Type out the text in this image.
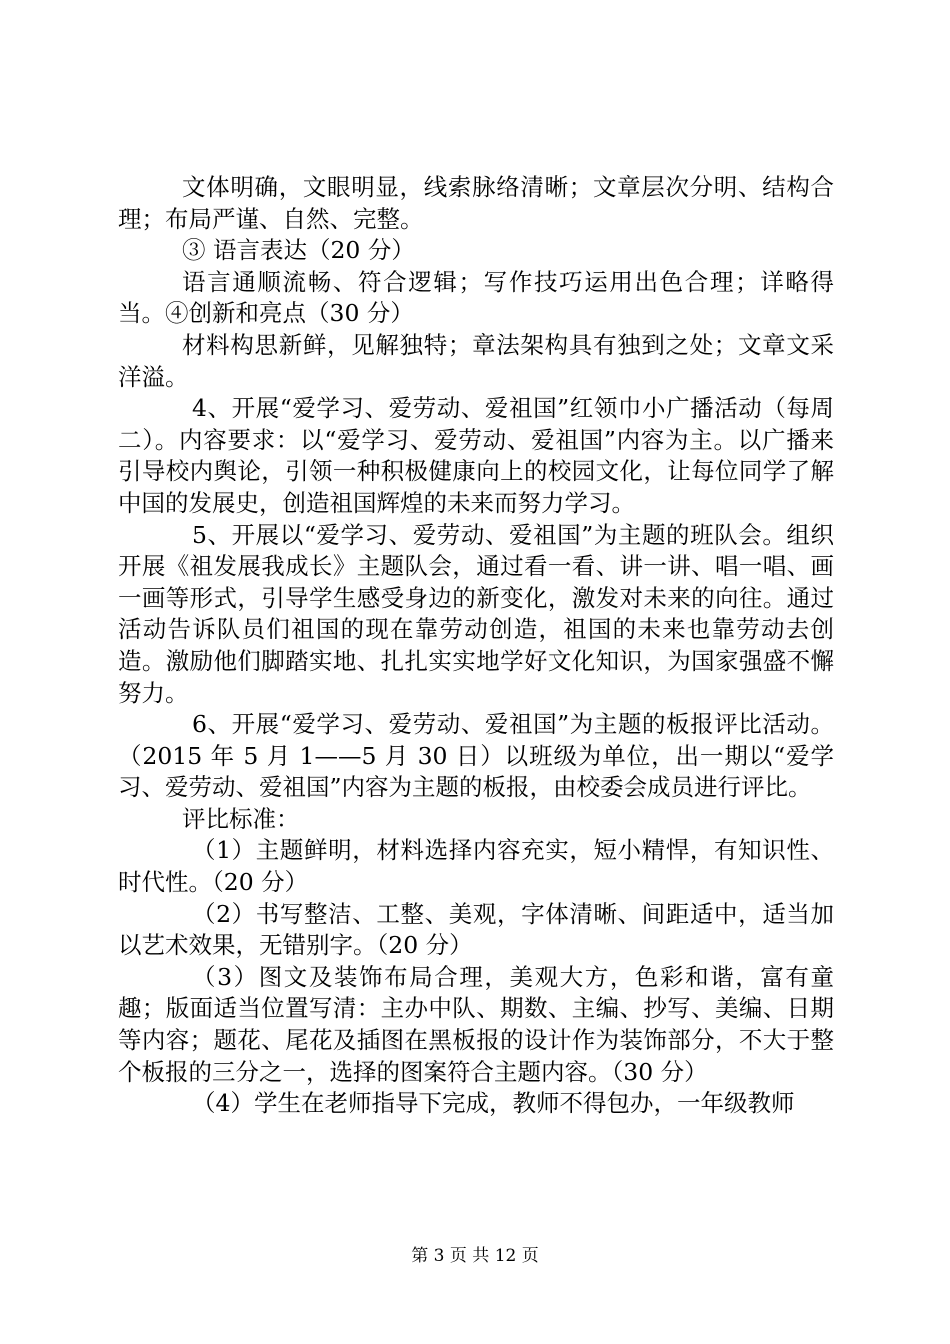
文体明确，文眼明显，线索脉络清晰；文章层次分明、结构合理；布局严谨、自然、完整。

③ 语言表达（20 分）

语言通顺流畅、符合逻辑；写作技巧运用出色合理；详略得当。④创新和亮点（30 分）

材料构思新鲜，见解独特；章法架构具有独到之处；文章文采洋溢。

4、开展“爱学习、爱劳动、爱祖国”红领巾小广播活动（每周二）。内容要求：以“爱学习、爱劳动、爱祖国”内容为主。以广播来引导校内舆论，引领一种积极健康向上的校园文化，让每位同学了解中国的发展史，创造祖国辉煌的未来而努力学习。

5、开展以“爱学习、爱劳动、爱祖国”为主题的班队会。组织开展《祖发展我成长》主题队会，通过看一看、讲一讲、唱一唱、画一画等形式，引导学生感受身边的新变化，激发对未来的向往。通过活动告诉队员们祖国的现在靠劳动创造，祖国的未来也靠劳动去创造。激励他们脚踏实地、扎扎实实地学好文化知识，为国家强盛不懈努力。

6、开展“爱学习、爱劳动、爱祖国”为主题的板报评比活动。（2015 年 5 月 1——5 月 30 日）以班级为单位，出一期以“爱学习、爱劳动、爱祖国”内容为主题的板报，由校委会成员进行评比。

评比标准：

（1）主题鲜明，材料选择内容充实，短小精悍，有知识性、时代性。（20 分）

（2）书写整洁、工整、美观，字体清晰、间距适中，适当加以艺术效果，无错别字。（20 分）

（3）图文及装饰布局合理，美观大方，色彩和谐，富有童趣；版面适当位置写清：主办中队、期数、主编、抄写、美编、日期等内容；题花、尾花及插图在黑板报的设计作为装饰部分，不大于整个板报的三分之一，选择的图案符合主题内容。（30 分）

（4）学生在老师指导下完成，教师不得包办，一年级教师

第 3 页 共 12 页
